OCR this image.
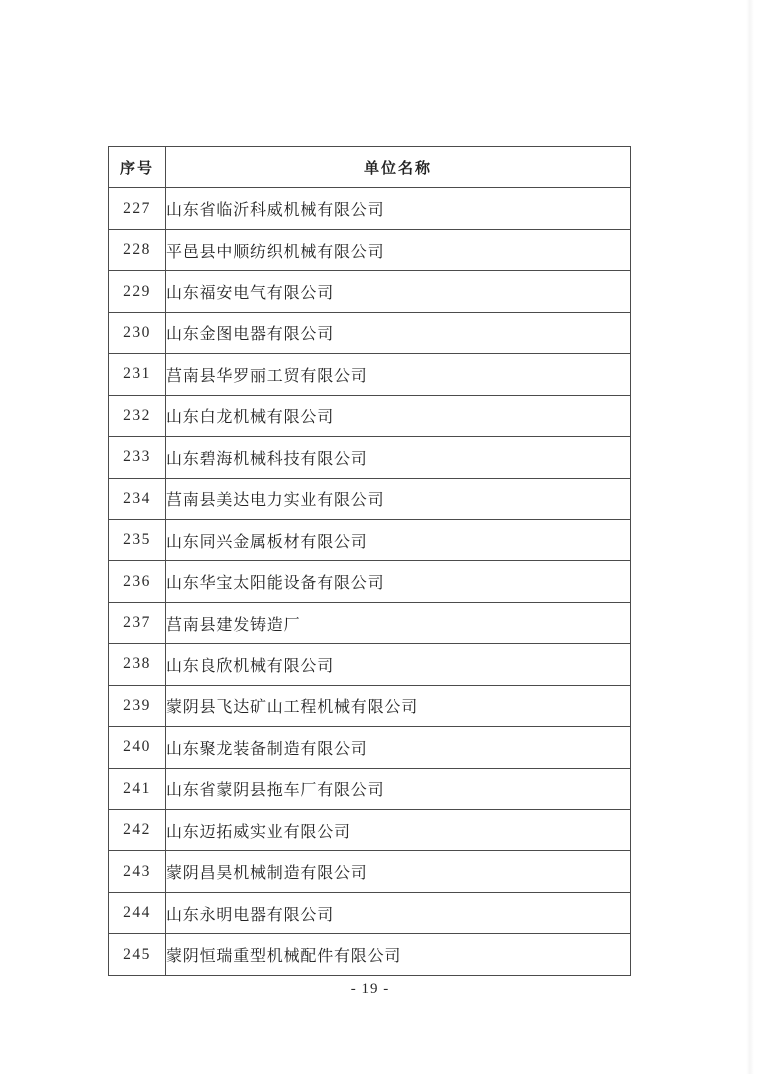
序号	单位名称
227	山东省临沂科威机械有限公司
228	平邑县中顺纺织机械有限公司
229	山东福安电气有限公司
230	山东金图电器有限公司
231	莒南县华罗丽工贸有限公司
232	山东白龙机械有限公司
233	山东碧海机械科技有限公司
234	莒南县美达电力实业有限公司
235	山东同兴金属板材有限公司
236	山东华宝太阳能设备有限公司
237	莒南县建发铸造厂
238	山东良欣机械有限公司
239	蒙阴县飞达矿山工程机械有限公司
240	山东聚龙装备制造有限公司
241	山东省蒙阴县拖车厂有限公司
242	山东迈拓威实业有限公司
243	蒙阴昌昊机械制造有限公司
244	山东永明电器有限公司
245	蒙阴恒瑞重型机械配件有限公司
- 19 -
